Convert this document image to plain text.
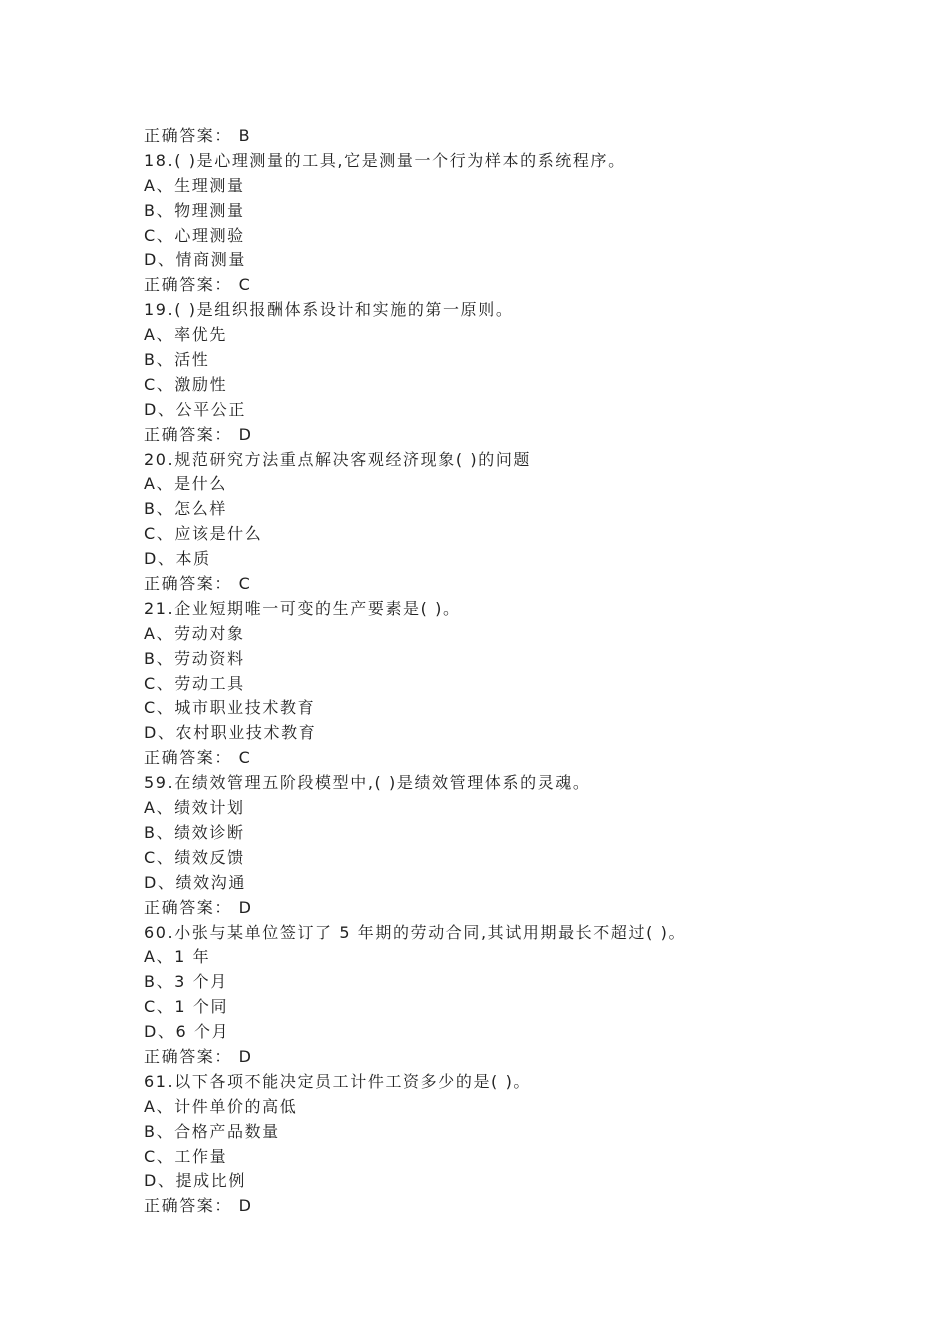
正确答案： B
18.( )是心理测量的工具,它是测量一个行为样本的系统程序。
A、生理测量
B、物理测量
C、心理测验
D、情商测量
正确答案： C
19.( )是组织报酬体系设计和实施的第一原则。
A、率优先
B、活性
C、激励性
D、公平公正
正确答案： D
20.规范研究方法重点解决客观经济现象( )的问题
A、是什么
B、怎么样
C、应该是什么
D、本质
正确答案： C
21.企业短期唯一可变的生产要素是( )。
A、劳动对象
B、劳动资料
C、劳动工具
C、城市职业技术教育
D、农村职业技术教育
正确答案： C
59.在绩效管理五阶段模型中,( )是绩效管理体系的灵魂。
A、绩效计划
B、绩效诊断
C、绩效反馈
D、绩效沟通
正确答案： D
60.小张与某单位签订了 5 年期的劳动合同,其试用期最长不超过( )。
A、1 年
B、3 个月
C、1 个同
D、6 个月
正确答案： D
61.以下各项不能决定员工计件工资多少的是( )。
A、计件单价的高低
B、合格产品数量
C、工作量
D、提成比例
正确答案： D
